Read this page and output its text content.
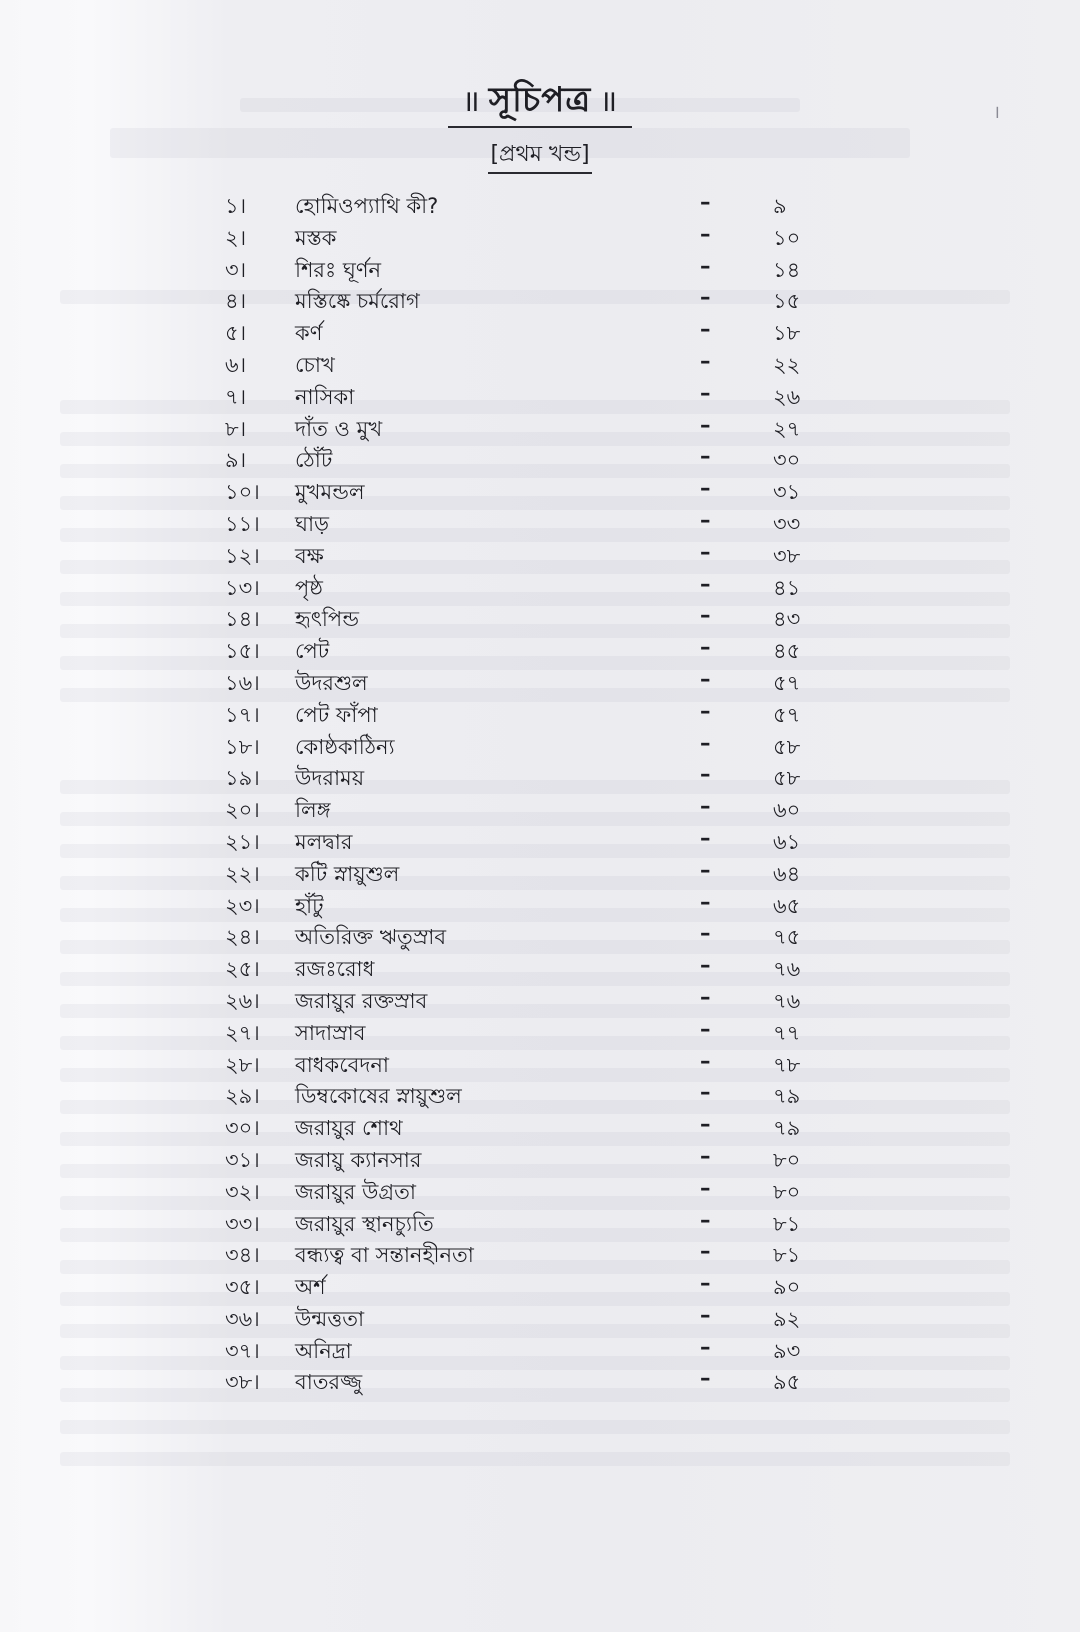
।
॥ সূচিপত্র ॥
[প্রথম খন্ড]
১।	হোমিওপ্যাথি কী?	–	৯
২।	মস্তক	–	১০
৩।	শিরঃ ঘূর্ণন	–	১৪
৪।	মস্তিষ্কে চর্মরোগ	–	১৫
৫।	কর্ণ	–	১৮
৬।	চোখ	–	২২
৭।	নাসিকা	–	২৬
৮।	দাঁত ও মুখ	–	২৭
৯।	ঠোঁট	–	৩০
১০।	মুখমন্ডল	–	৩১
১১।	ঘাড়	–	৩৩
১২।	বক্ষ	–	৩৮
১৩।	পৃষ্ঠ	–	৪১
১৪।	হৃৎপিন্ড	–	৪৩
১৫।	পেট	–	৪৫
১৬।	উদরশুল	–	৫৭
১৭।	পেট ফাঁপা	–	৫৭
১৮।	কোষ্ঠকাঠিন্য	–	৫৮
১৯।	উদরাময়	–	৫৮
২০।	লিঙ্গ	–	৬০
২১।	মলদ্বার	–	৬১
২২।	কটি স্নায়ুশুল	–	৬৪
২৩।	হাঁটু	–	৬৫
২৪।	অতিরিক্ত ঋতুস্রাব	–	৭৫
২৫।	রজঃরোধ	–	৭৬
২৬।	জরায়ুর রক্তস্রাব	–	৭৬
২৭।	সাদাস্রাব	–	৭৭
২৮।	বাধকবেদনা	–	৭৮
২৯।	ডিম্বকোষের স্নায়ুশুল	–	৭৯
৩০।	জরায়ুর শোথ	–	৭৯
৩১।	জরায়ু ক্যানসার	–	৮০
৩২।	জরায়ুর উগ্রতা	–	৮০
৩৩।	জরায়ুর স্থানচ্যুতি	–	৮১
৩৪।	বন্ধ্যত্ব বা সন্তানহীনতা	–	৮১
৩৫।	অর্শ	–	৯০
৩৬।	উন্মত্ততা	–	৯২
৩৭।	অনিদ্রা	–	৯৩
৩৮।	বাতরজ্জু	–	৯৫
